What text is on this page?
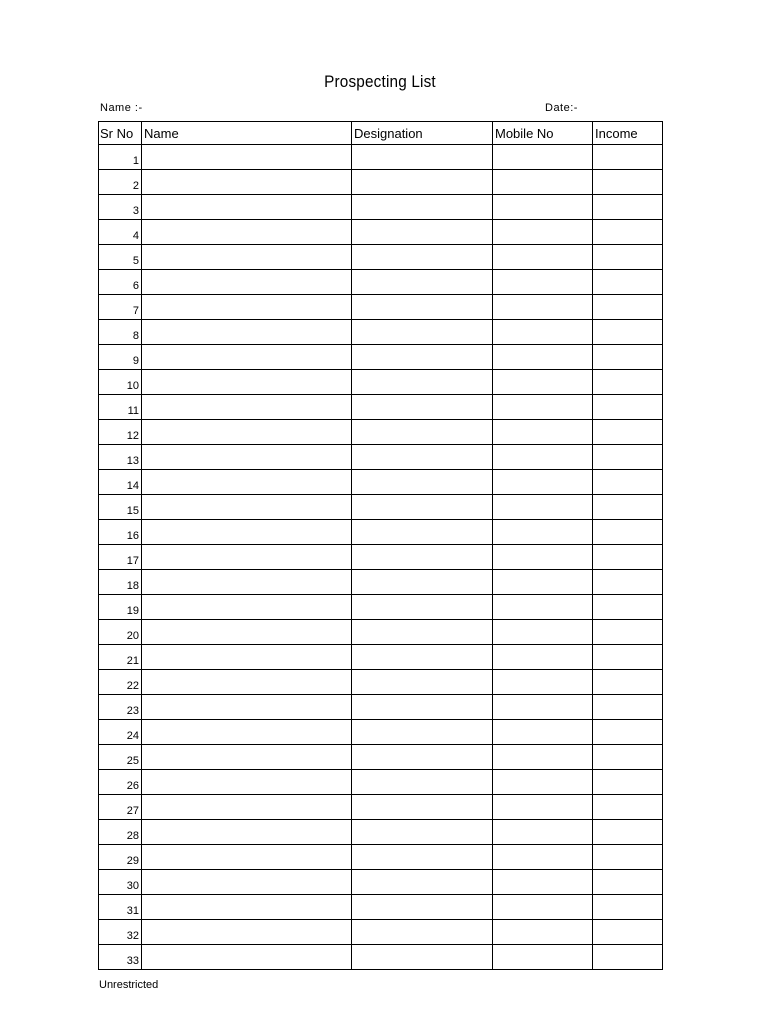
Prospecting List
Name :-	Date:-
Sr No	Name	Designation	Mobile No	Income
1				
2				
3				
4				
5				
6				
7				
8				
9				
10				
11				
12				
13				
14				
15				
16				
17				
18				
19				
20				
21				
22				
23				
24				
25				
26				
27				
28				
29				
30				
31				
32				
33				
Unrestricted
